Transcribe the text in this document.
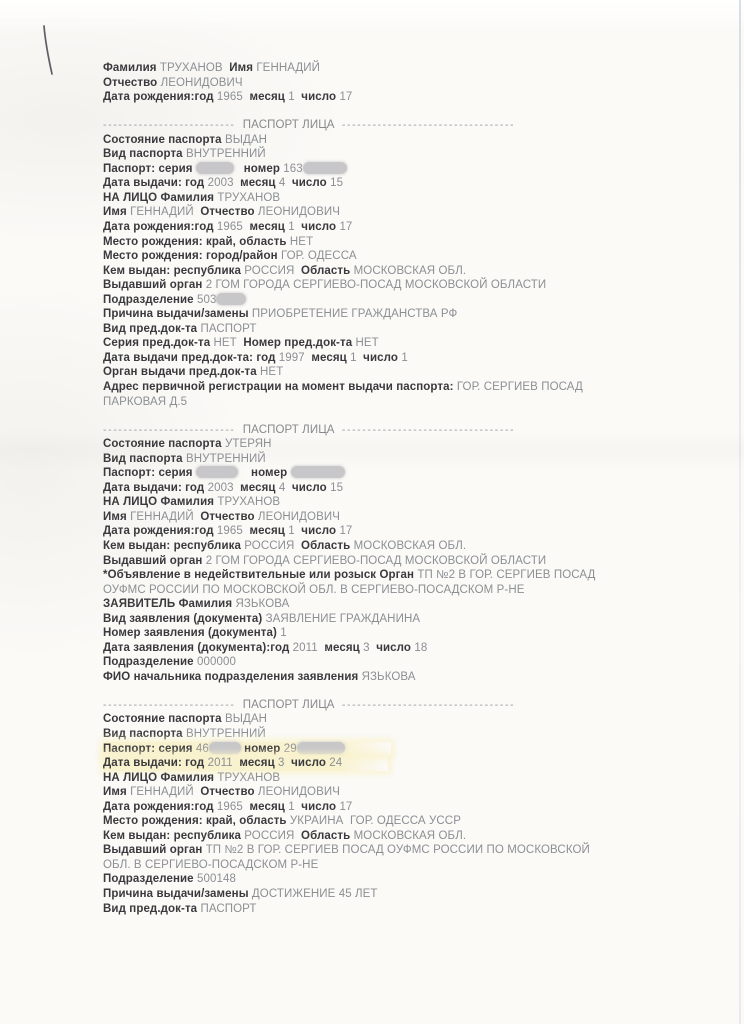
Фамилия ТРУХАНОВ  Имя ГЕННАДИЙ
Отчество ЛЕОНИДОВИЧ
Дата рождения:год 1965  месяц 1  число 17
-------------------------- ПАСПОРТ ЛИЦА ----------------------------------
Состояние паспорта ВЫДАН
Вид паспорта ВНУТРЕННИЙ
Паспорт: серия	номер 163
Дата выдачи: год 2003  месяц 4  число 15
НА ЛИЦО Фамилия ТРУХАНОВ
Имя ГЕННАДИЙ  Отчество ЛЕОНИДОВИЧ
Дата рождения:год 1965  месяц 1  число 17
Место рождения: край, область НЕТ
Место рождения: город/район ГОР. ОДЕССА
Кем выдан: республика РОССИЯ  Область МОСКОВСКАЯ ОБЛ.
Выдавший орган 2 ГОМ ГОРОДА СЕРГИЕВО-ПОСАД МОСКОВСКОЙ ОБЛАСТИ
Подразделение 503
Причина выдачи/замены ПРИОБРЕТЕНИЕ ГРАЖДАНСТВА РФ
Вид пред.док-та ПАСПОРТ
Серия пред.док-та НЕТ  Номер пред.док-та НЕТ
Дата выдачи пред.док-та: год 1997  месяц 1  число 1
Орган выдачи пред.док-та НЕТ
Адрес первичной регистрации на момент выдачи паспорта: ГОР. СЕРГИЕВ ПОСАД
ПАРКОВАЯ Д.5
-------------------------- ПАСПОРТ ЛИЦА ----------------------------------
Состояние паспорта УТЕРЯН
Вид паспорта ВНУТРЕННИЙ
Паспорт: серия	номер
Дата выдачи: год 2003  месяц 4  число 15
НА ЛИЦО Фамилия ТРУХАНОВ
Имя ГЕННАДИЙ  Отчество ЛЕОНИДОВИЧ
Дата рождения:год 1965  месяц 1  число 17
Кем выдан: республика РОССИЯ  Область МОСКОВСКАЯ ОБЛ.
Выдавший орган 2 ГОМ ГОРОДА СЕРГИЕВО-ПОСАД МОСКОВСКОЙ ОБЛАСТИ
*Объявление в недействительные или розыск Орган ТП №2 В ГОР. СЕРГИЕВ ПОСАД
ОУФМС РОССИИ ПО МОСКОВСКОЙ ОБЛ. В СЕРГИЕВО-ПОСАДСКОМ Р-НЕ
ЗАЯВИТЕЛЬ Фамилия ЯЗЬКОВА
Вид заявления (документа) ЗАЯВЛЕНИЕ ГРАЖДАНИНА
Номер заявления (документа) 1
Дата заявления (документа):год 2011  месяц 3  число 18
Подразделение 000000
ФИО начальника подразделения заявления ЯЗЬКОВА
-------------------------- ПАСПОРТ ЛИЦА ----------------------------------
Состояние паспорта ВЫДАН
Вид паспорта ВНУТРЕННИЙ
Паспорт: серия 46	номер 29
Дата выдачи: год 2011  месяц 3  число 24
НА ЛИЦО Фамилия ТРУХАНОВ
Имя ГЕННАДИЙ  Отчество ЛЕОНИДОВИЧ
Дата рождения:год 1965  месяц 1  число 17
Место рождения: край, область УКРАИНА  ГОР. ОДЕССА УССР
Кем выдан: республика РОССИЯ  Область МОСКОВСКАЯ ОБЛ.
Выдавший орган ТП №2 В ГОР. СЕРГИЕВ ПОСАД ОУФМС РОССИИ ПО МОСКОВСКОЙ
ОБЛ. В СЕРГИЕВО-ПОСАДСКОМ Р-НЕ
Подразделение 500148
Причина выдачи/замены ДОСТИЖЕНИЕ 45 ЛЕТ
Вид пред.док-та ПАСПОРТ
